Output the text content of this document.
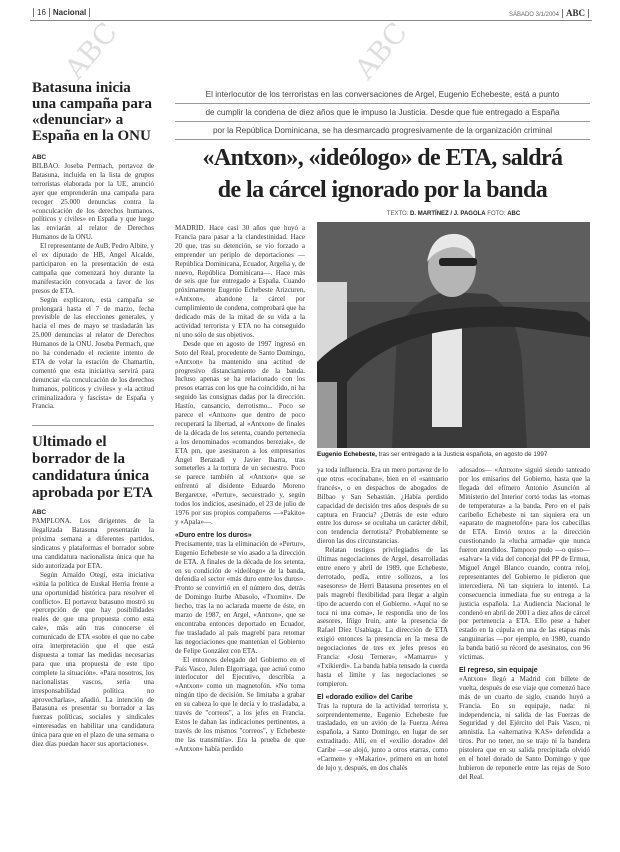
16 Nacional	SÁBADO 3/1/2004 ABC
ABC	ABC
Batasuna inicia
una campaña para
«denunciar» a
España en la ONU
ABC

BILBAO. Joseba Permach, portavoz de Batasuna, incluida en la lista de grupos terroristas elaborada por la UE, anunció ayer que emprenderán una campaña para recoger 25.000 denuncias contra la «conculcación de los derechos humanos, políticos y civiles» en España y que luego las enviarán al relator de Derechos Humanos de la ONU.

El representante de AuB, Pedro Albite, y el ex diputado de HB, Angel Alcalde, participaron en la presentación de esta campaña que comenzará hoy durante la manifestación convocada a favor de los presos de ETA.

Según explicaron, esta campaña se prolongará hasta el 7 de marzo, fecha previsible de las elecciones generales, y hacia el mes de mayo se trasladarán las 25.000 denuncias al relator de Derechos Humanos de la ONU. Joseba Permach, que no ha condenado el reciente intento de ETA de volar la estación de Chamartín, comentó que esta iniciativa servirá para denunciar «la conculcación de los derechos humanos, políticos y civiles» y «la actitud criminalizadora y fascista» de España y Francia.

Ultimado el
borrador de la
candidatura única
aprobada por ETA
ABC

PAMPLONA. Los dirigentes de la ilegalizada Batasuna presentarán la próxima semana a diferentes partidos, sindicatos y plataformas el borrador sobre una candidatura nacionalista única que ha sido autorizada por ETA.

Según Arnaldo Otegi, esta iniciativa «sitúa la política de Euskal Herria frente a una oportunidad histórica para resolver el conflicto». El portavoz batasuno mostró su «percepción de que hay posibilidades reales de que una propuesta como esta cale», más aún tras conocerse el comunicado de ETA «sobre el que no cabe otra interpretación que el que está dispuesta a tomar las medidas necesarias para que una propuesta de este tipo complete la situación». «Para nosotros, los nacionalistas vascos, sería una irresponsabilidad política no aprovecharlas», añadió. La intención de Batasuna es presentar su borrador a las fuerzas políticas, sociales y sindicales «interesadas en habilitar una candidatura única para que en el plazo de una semana o diez días puedan hacer sus aportaciones».

El interlocutor de los terroristas en las conversaciones de Argel, Eugenio Echebeste, está a punto
de cumplir la condena de diez años que le impuso la Justicia. Desde que fue entregado a España
por la República Dominicana, se ha desmarcado progresivamente de la organización criminal
«Antxon», «ideólogo» de ETA, saldrá
de la cárcel ignorado por la banda
TEXTO: D. MARTÍNEZ / J. PAGOLA FOTO: ABC

MADRID. Hace casi 30 años que huyó a Francia para pasar a la clandestinidad. Hace 20 que, tras su detención, se vio forzado a emprender un periplo de deportaciones —República Dominicana, Ecuador, Argelia y, de nuevo, República Dominicana—. Hace más de seis que fue entregado a España. Cuando próximamente Eugenio Echebeste Arizcuren, «Antxon», abandone la cárcel por cumplimiento de condena, comprobará que ha dedicado más de la mitad de su vida a la actividad terrorista y ETA no ha conseguido ni uno sólo de sus objetivos.

Desde que en agosto de 1997 ingresó en Soto del Real, procedente de Santo Domingo, «Antxon» ha mantenido una actitud de progresivo distanciamiento de la banda. Incluso apenas se ha relacionado con los presos etarras con los que ha coincidido, ni ha seguido las consignas dadas por la dirección. Hastío, cansancio, derrotismo... Poco se parece el «Antxon» que dentro de poco recuperará la libertad, al «Antxon» de finales de la década de los setenta, cuando pertenecía a los denominados «comandos bereziak», de ETA pm, que asesinaron a los empresarios Ángel Berazadi y Javier Ibarra, tras someterles a la tortura de un secuestro. Poco se parece también al «Antxon» que se enfrentó al disidente Eduardo Moreno Bergaretxe, «Pertur», secuestrado y, según todos los indicios, asesinado, el 23 de julio de 1976 por sus propios compañeros —«Pakito» y «Apala»—.

«Duro entre los duros»

Precisamente, tras la eliminación de «Pertur», Eugenio Echebeste se vio asado a la dirección de ETA. A finales de la década de los setenta, en su condición de «ideólogo» de la banda, defendía el sector «más duro entre los duros». Pronto se convirtió en el número dos, detrás de Domingo Iturbe Abasolo, «Txomin». De hecho, tras la no aclarada muerte de éste, en marzo de 1987, en Argel, «Antxon», que se encontraba entonces deportado en Ecuador, fue trasladado al país magrebí para retomar las negociaciones que mantenían el Gobierno de Felipe González con ETA.

El entonces delegado del Gobierno en el País Vasco, Julen Elgorriaga, que actuó como interlocutor del Ejecutivo, describía a «Antxon» como un magnetofón. «No toma ningún tipo de decisión. Se limitaba a grabar en su cabeza lo que le decía y lo trasladaba, a través de "correos", a los jefes en Francia. Estos le daban las indicaciones pertinentes, a través de los mismos "correos", y Echebeste me las transmitía». Era la prueba de que «Antxon» había perdido

Eugenio Echebeste, tras ser entregado a la Justicia española, en agosto de 1997

ya toda influencia. Era un mero portavoz de lo que otros «cocinaban», bien en el «santuario francés», o en despachos de abogados de Bilbao y San Sebastián. ¿Había perdido capacidad de decisión tres años después de su captura en Francia? ¿Detrás de este «duro entre los duros» se ocultaba un carácter débil, con tendencia derrotista? Probablemente se dieron las dos circunstancias.

Relatan testigos privilegiados de las últimas negociaciones de Argel, desarrolladas entre enero y abril de 1989, que Echebeste, derrotado, pedía, entre sollozos, a los «asesores» de Herri Batasuna presentes en el país magrebí flexibilidad para llegar a algún tipo de acuerdo con el Gobierno. «Aquí no se toca ni una coma», le respondía uno de los asesores, Iñigo Iruin, ante la presencia de Rafael Díez Usabiaga. La dirección de ETA exigió entonces la presencia en la mesa de negociaciones de tres ex jefes presos en Francia: «Josu Ternera», «Mamarru» y «Txikierdi». La banda había tensado la cuerda hasta el límite y las negociaciones se rompieron.

El «dorado exilio» del Caribe

Tras la ruptura de la actividad terrorista y, sorprendentemente, Eugenio Echebeste fue trasladado, en un avión de la Fuerza Aérea española, a Santo Domingo, en lugar de ser extraditado. Allí, en el «exilio dorado» del Caribe —se alojó, junto a otros etarras, como «Carmen» y «Makario», primero en un hotel de lujo y, después, en dos chalés

adosados— «Antxon» siguió siendo tanteado por los emisarios del Gobierno, hasta que la llegada del efímero Antonio Asunción al Ministerio del Interior cortó todas las «tomas de temperatura» a la banda. Pero en el país caribeño Echebeste ni tan siquiera era un «aparato de magnetofón» para los cabecillas de ETA. Envió textos a la dirección cuestionando la «lucha armada» que nunca fueron atendidos. Tampoco pudo —o quiso— «salvar» la vida del concejal del PP de Ermua, Miguel Angel Blanco cuando, contra reloj, representantes del Gobierno le pidieron que intercediera. Ni tan siquiera lo intentó. La consecuencia inmediata fue su entrega a la justicia española. La Audiencia Nacional le condenó en abril de 2001 a diez años de cárcel por pertenencia a ETA. Ello pese a haber estado en la cúpula en una de las etapas más sanguinarias —por ejemplo, en 1980, cuando la banda batió su récord de asesinatos, con 96 víctimas.

El regreso, sin equipaje

«Antxon» llegó a Madrid con billete de vuelta, después de ese viaje que comenzó hace más de un cuarto de siglo, cuando huyó a Francia. En su equipaje, nada: ni independencia, ni salida de las Fuerzas de Seguridad y del Ejército del País Vasco, ni amnistía. La «alternativa KAS» defendida a tiros. Por no tener, no se trajo ni la bandera pistolera que en su salida precipitada olvidó en el hotel dorado de Santo Domingo y que hubieron de reponerle entre las rejas de Soto del Real.
